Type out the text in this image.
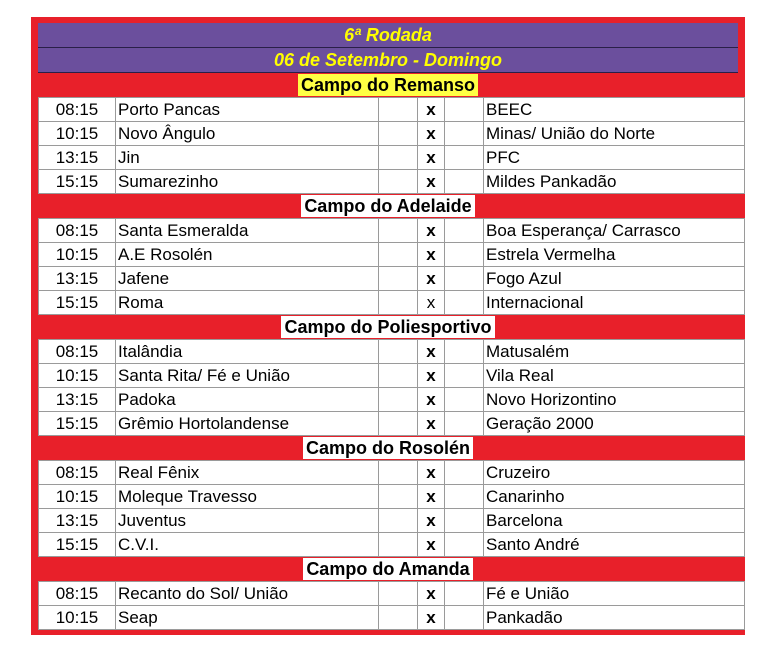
6ª Rodada
06 de Setembro - Domingo
Campo do Remanso
08:15	Porto Pancas		x		BEEC
10:15	Novo Ângulo		x		Minas/ União do Norte
13:15	Jin		x		PFC
15:15	Sumarezinho		x		Mildes Pankadão
Campo do Adelaide
08:15	Santa Esmeralda		x		Boa Esperança/ Carrasco
10:15	A.E Rosolén		x		Estrela Vermelha
13:15	Jafene		x		Fogo Azul
15:15	Roma		x		Internacional
Campo do Poliesportivo
08:15	Italândia		x		Matusalém
10:15	Santa Rita/ Fé e União		x		Vila Real
13:15	Padoka		x		Novo Horizontino
15:15	Grêmio Hortolandense		x		Geração 2000
Campo do Rosolén
08:15	Real Fênix		x		Cruzeiro
10:15	Moleque Travesso		x		Canarinho
13:15	Juventus		x		Barcelona
15:15	C.V.I.		x		Santo André
Campo do Amanda
08:15	Recanto do Sol/ União		x		Fé e União
10:15	Seap		x		Pankadão
